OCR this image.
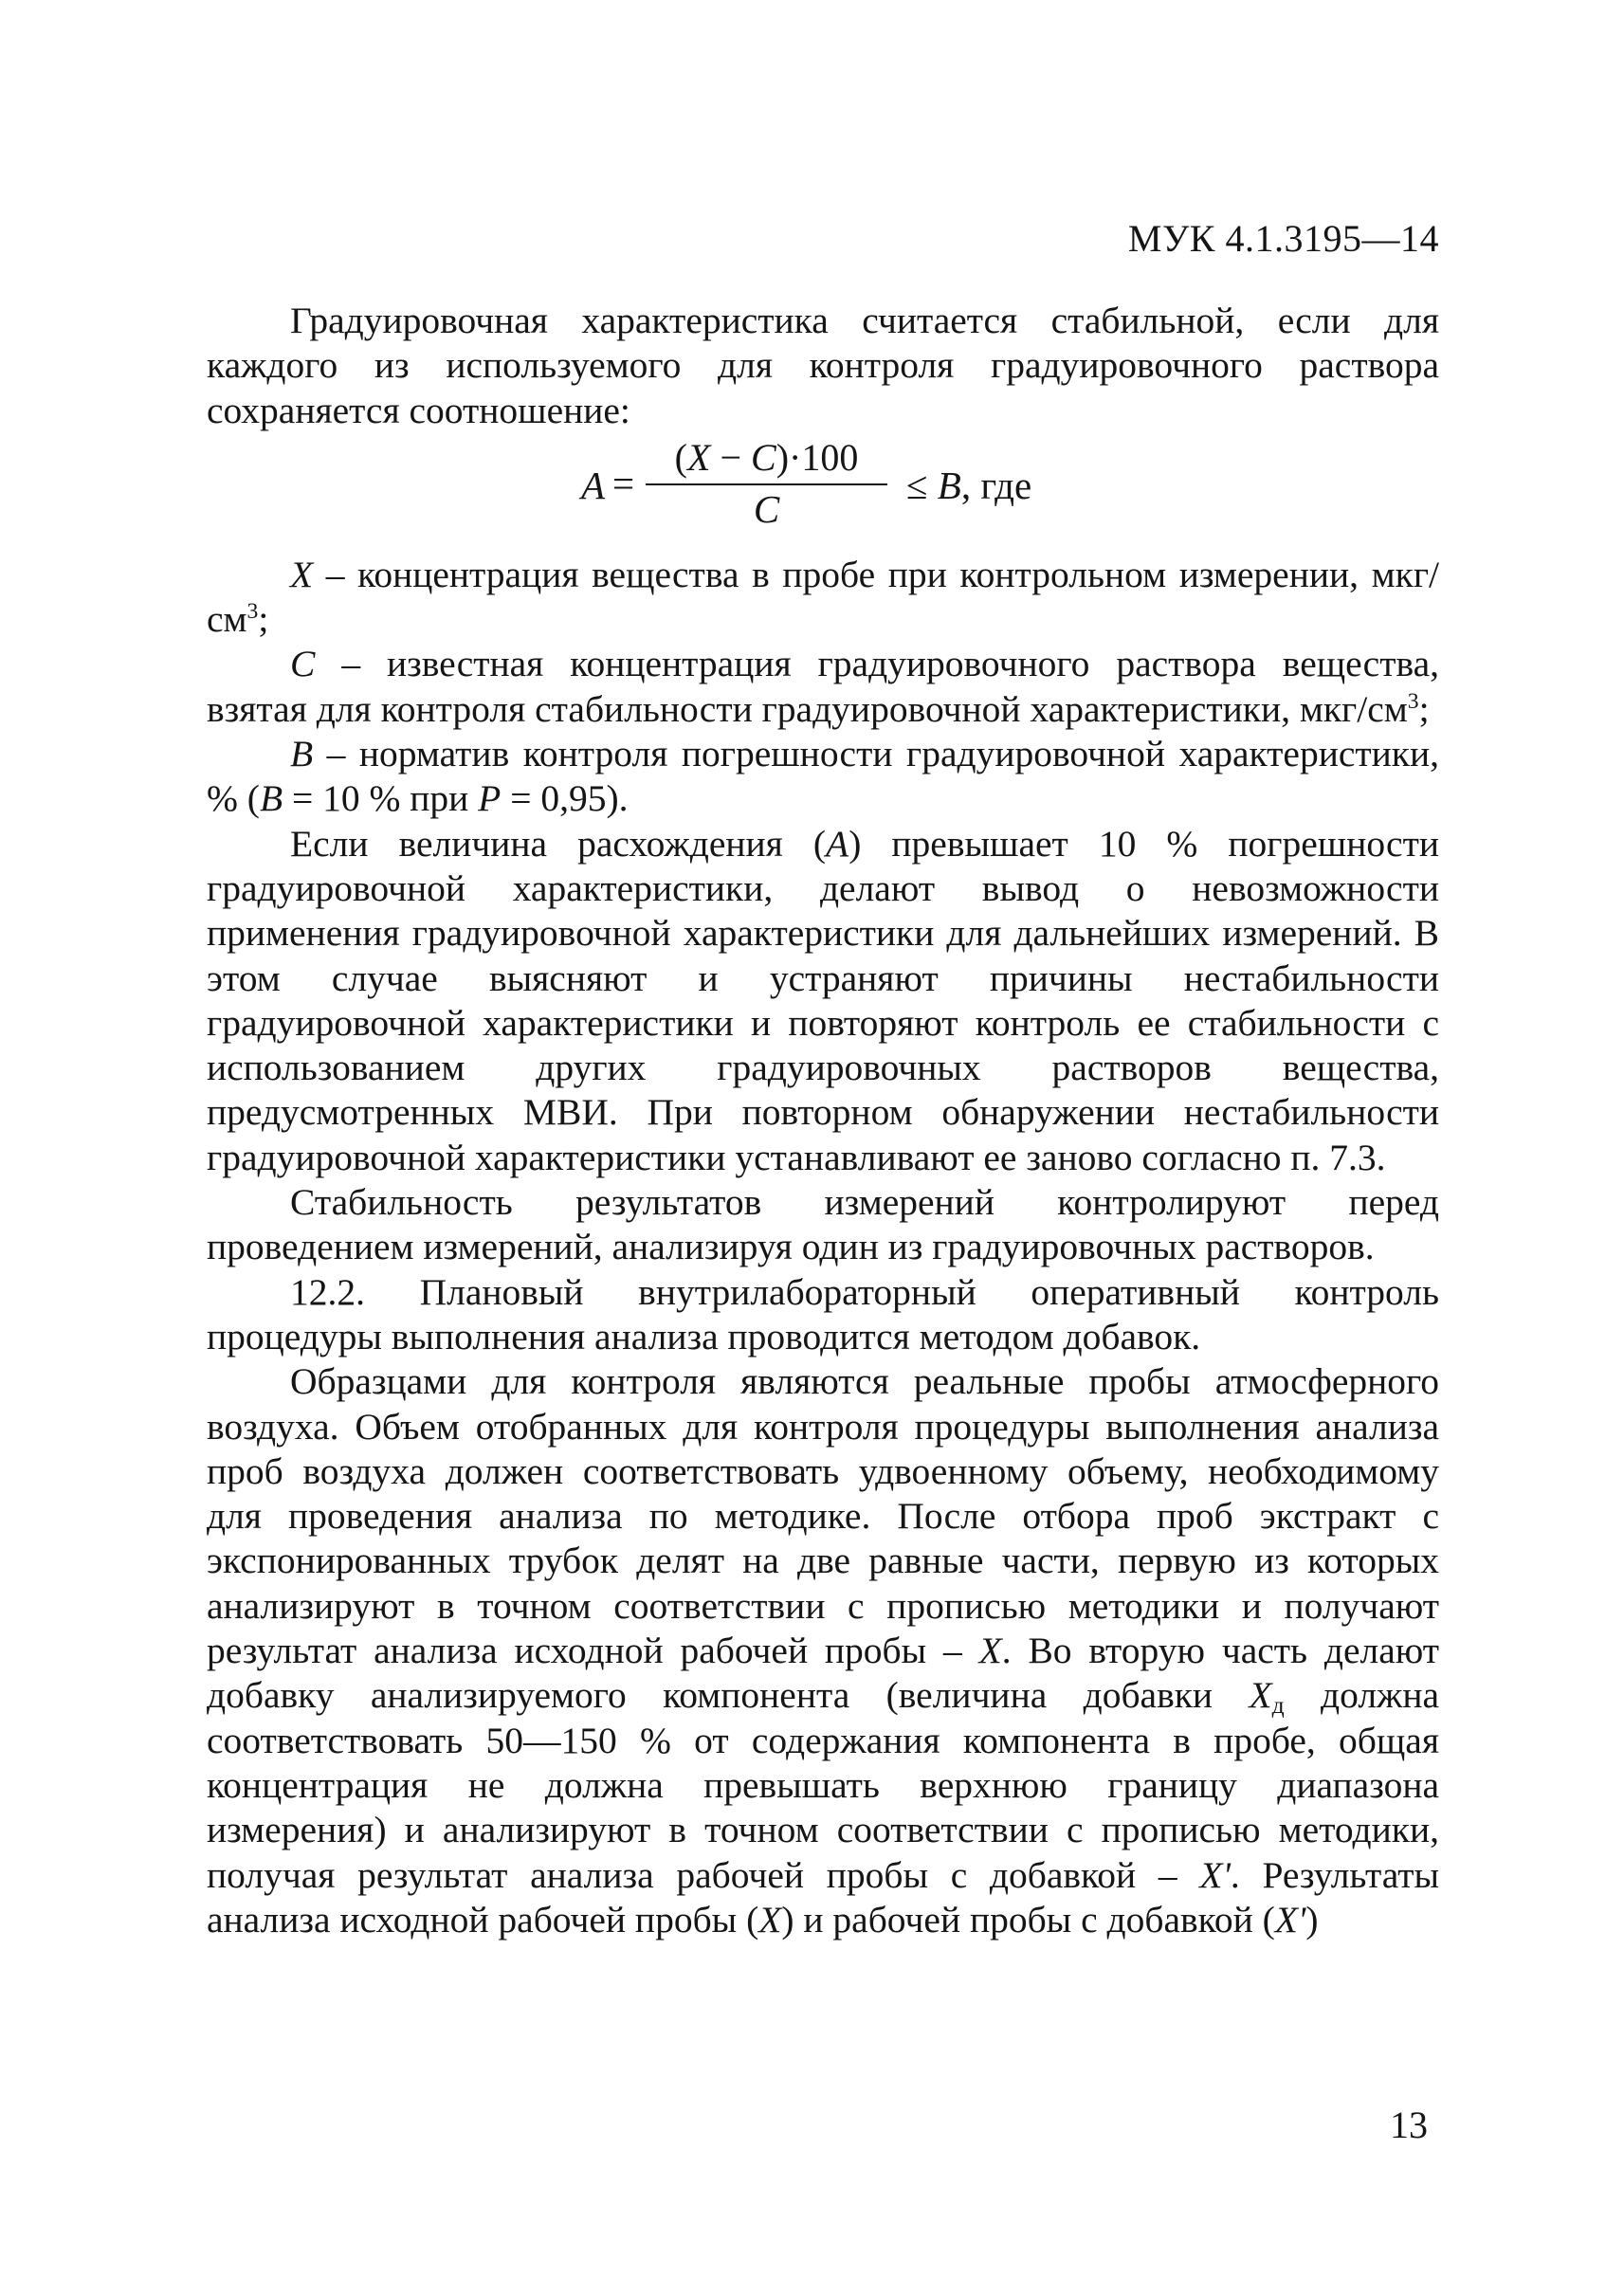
МУК 4.1.3195—14

Градуировочная характеристика считается стабильной, если для каждого из используемого для контроля градуировочного раствора сохраняется соотношение:

$A = \frac{(X - C)\cdot 100}{C} \le B$, где

X – концентрация вещества в пробе при контрольном измерении, мкг/$см^3$;

C – известная концентрация градуировочного раствора вещества, взятая для контроля стабильности градуировочной характеристики, мкг/$см^3$;

B – норматив контроля погрешности градуировочной характеристики, % (B = 10 % при P = 0,95).

Если величина расхождения (A) превышает 10 % погрешности градуировочной характеристики, делают вывод о невозможности применения градуировочной характеристики для дальнейших измерений. В этом случае выясняют и устраняют причины нестабильности градуировочной характеристики и повторяют контроль ее стабильности с использованием других градуировочных растворов вещества, предусмотренных МВИ. При повторном обнаружении нестабильности градуировочной характеристики устанавливают ее заново согласно п. 7.3.

Стабильность результатов измерений контролируют перед проведением измерений, анализируя один из градуировочных растворов.

12.2. Плановый внутрилабораторный оперативный контроль процедуры выполнения анализа проводится методом добавок.

Образцами для контроля являются реальные пробы атмосферного воздуха. Объем отобранных для контроля процедуры выполнения анализа проб воздуха должен соответствовать удвоенному объему, необходимому для проведения анализа по методике. После отбора проб экстракт с экспонированных трубок делят на две равные части, первую из которых анализируют в точном соответствии с прописью методики и получают результат анализа исходной рабочей пробы – X. Во вторую часть делают добавку анализируемого компонента (величина добавки $X_д$ должна соответствовать 50—150 % от содержания компонента в пробе, общая концентрация не должна превышать верхнюю границу диапазона измерения) и анализируют в точном соответствии с прописью методики, получая результат анализа рабочей пробы с добавкой – X'. Результаты анализа исходной рабочей пробы (X) и рабочей пробы с добавкой (X')

13
